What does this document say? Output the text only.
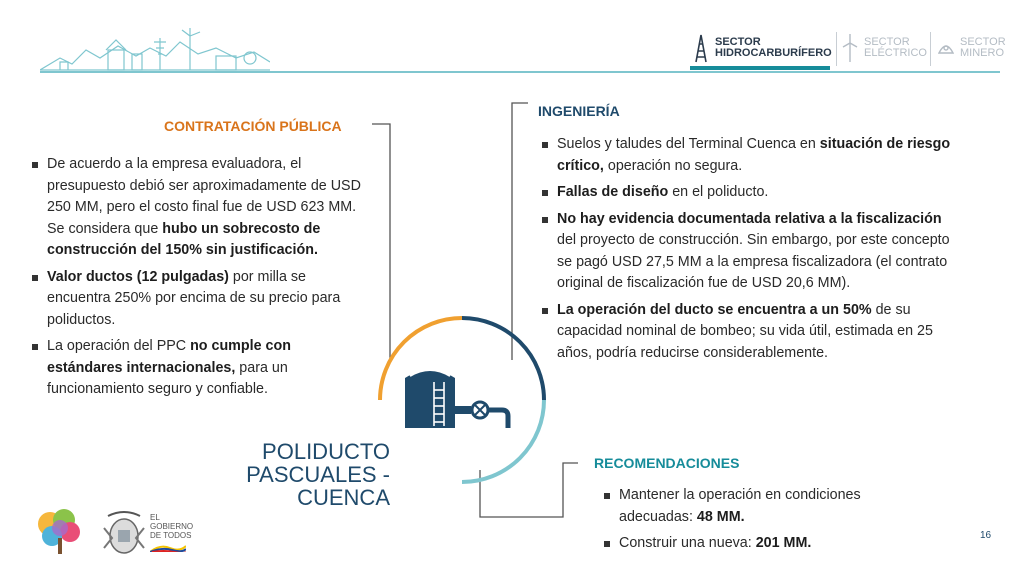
SECTOR
HIDROCARBURÍFERO
SECTOR
ELÉCTRICO
SECTOR
MINERO
CONTRATACIÓN PÚBLICA
De acuerdo a la empresa evaluadora, el presupuesto debió ser aproximadamente de USD 250 MM, pero el costo final fue de USD 623 MM. Se considera que hubo un sobrecosto de construcción del 150% sin justificación.
Valor ductos (12 pulgadas) por milla se encuentra 250% por encima de su precio para poliductos.
La operación del PPC no cumple con estándares internacionales, para un funcionamiento seguro y confiable.
INGENIERÍA
Suelos y taludes del Terminal Cuenca en situación de riesgo crítico, operación no segura.
Fallas de diseño en el poliducto.
No hay evidencia documentada relativa a la fiscalización del proyecto de construcción. Sin embargo, por este concepto se pagó USD 27,5 MM a la empresa fiscalizadora (el contrato original de fiscalización fue de USD 20,6 MM).
La operación del ducto se encuentra a un 50% de su capacidad nominal de bombeo; su vida útil, estimada en 25 años, podría reducirse considerablemente.
POLIDUCTO
PASCUALES - CUENCA
RECOMENDACIONES
Mantener la operación en condiciones adecuadas: 48 MM.
Construir una nueva: 201 MM.
EL
GOBIERNO
DE TODOS	16
